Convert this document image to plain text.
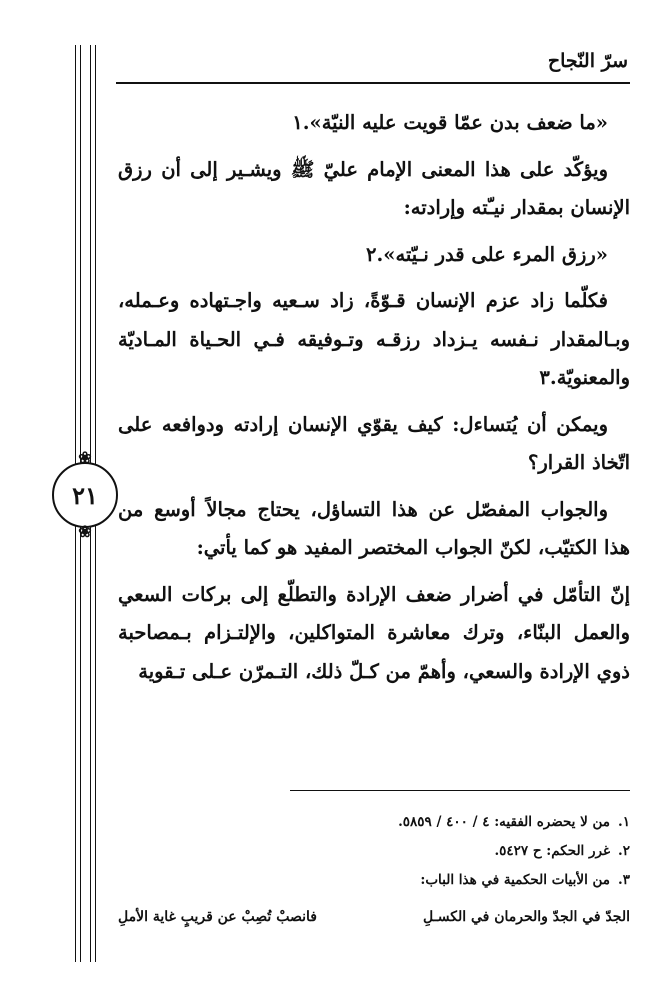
سرّ النّجاح
❀
٢١
❀

«ما ضعف بدن عمّا قويت عليه النيّة».١

ويؤكّد على هذا المعنى الإمام عليّ ﷺ ويشـير إلى أن رزق الإنسان بمقدار نيـّته وإرادته:

«رزق المرء على قدر نـيّته».٢

فكلّما زاد عزم الإنسان قـوّةً، زاد سـعيه واجـتهاده وعـمله، وبـالمقدار نـفسه يـزداد رزقـه وتـوفيقه فـي الحـياة المـاديّة والمعنويّة.٣

ويمكن أن يُتساءل: كيف يقوّي الإنسان إرادته ودوافعه على اتّخاذ القرار؟

والجواب المفصّل عن هذا التساؤل، يحتاج مجالاً أوسع من هذا الكتيّب، لكنّ الجواب المختصر المفيد هو كما يأتي:

إنّ التأمّل في أضرار ضعف الإرادة والتطلّع إلى بركات السعي والعمل البنّاء، وترك معاشرة المتواكلين، والإلتـزام بـمصاحبة ذوي الإرادة والسعي، وأهمّ من كـلّ ذلك، التـمرّن عـلى تـقوية

١.من لا يحضره الفقيه: ٤ / ٤٠٠ / ٥٨٥٩.
٢.غرر الحكم: ح ٥٤٢٧.
٣.من الأبيات الحكمية في هذا الباب:
الجدّ في الجدّ والحرمان في الكسـلِ
فانصبْ تُصِبْ عن قريبٍ غاية الأملِ
